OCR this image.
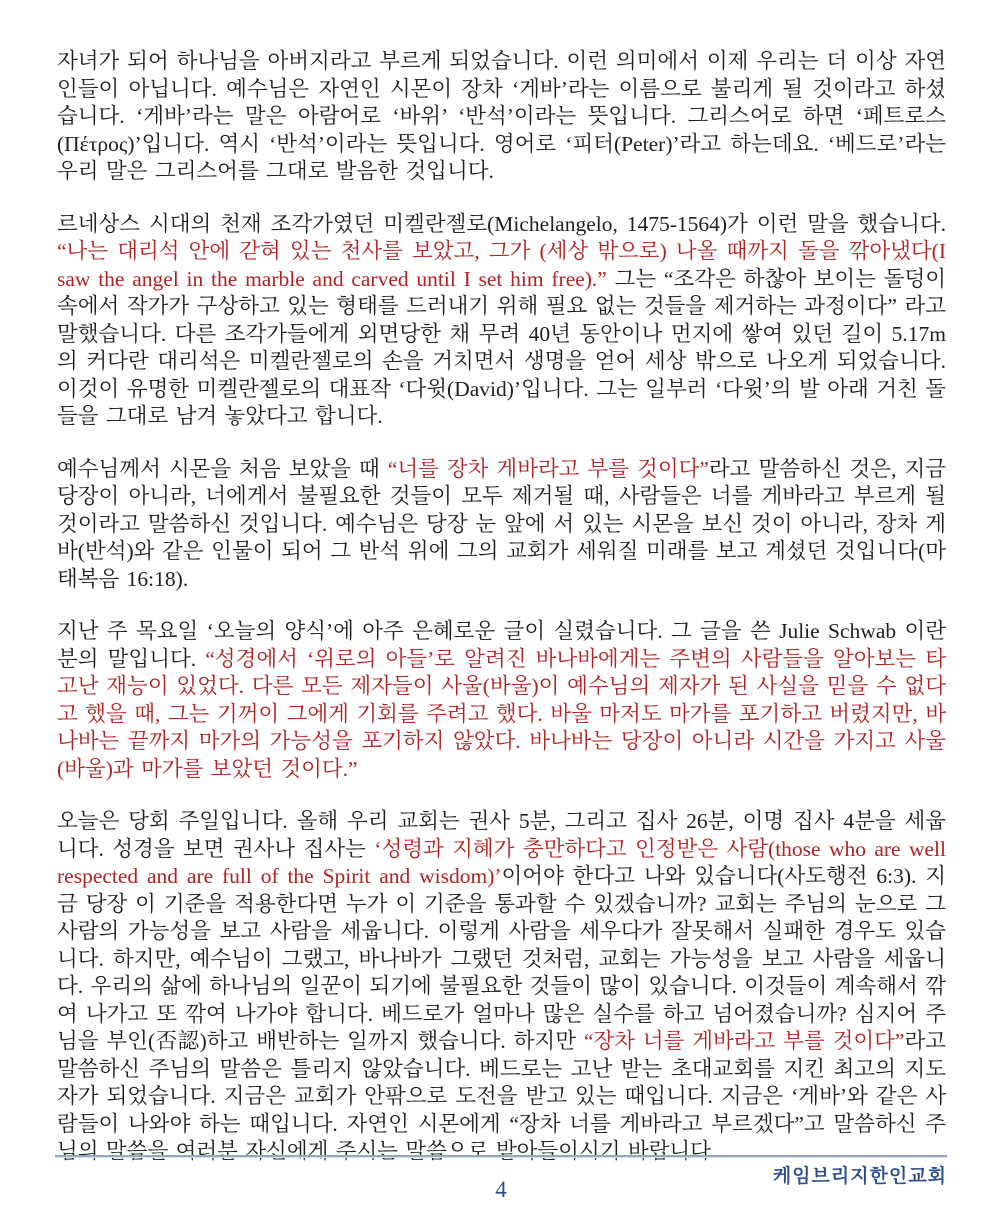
자녀가 되어 하나님을 아버지라고 부르게 되었습니다. 이런 의미에서 이제 우리는 더 이상 자연인들이 아닙니다. 예수님은 자연인 시몬이 장차 ‘게바’라는 이름으로 불리게 될 것이라고 하셨습니다. ‘게바’라는 말은 아람어로 ‘바위’ ‘반석’이라는 뜻입니다. 그리스어로 하면 ‘페트로스(Πέτρος)’입니다. 역시 ‘반석’이라는 뜻입니다. 영어로 ‘피터(Peter)’라고 하는데요. ‘베드로’라는 우리 말은 그리스어를 그대로 발음한 것입니다.

르네상스 시대의 천재 조각가였던 미켈란젤로(Michelangelo, 1475-1564)가 이런 말을 했습니다. “나는 대리석 안에 갇혀 있는 천사를 보았고, 그가 (세상 밖으로) 나올 때까지 돌을 깎아냈다(I saw the angel in the marble and carved until I set him free).” 그는 “조각은 하찮아 보이는 돌덩이 속에서 작가가 구상하고 있는 형태를 드러내기 위해 필요 없는 것들을 제거하는 과정이다” 라고 말했습니다. 다른 조각가들에게 외면당한 채 무려 40년 동안이나 먼지에 쌓여 있던 길이 5.17m의 커다란 대리석은 미켈란젤로의 손을 거치면서 생명을 얻어 세상 밖으로 나오게 되었습니다. 이것이 유명한 미켈란젤로의 대표작 ‘다윗(David)’입니다. 그는 일부러 ‘다윗’의 발 아래 거친 돌들을 그대로 남겨 놓았다고 합니다.

예수님께서 시몬을 처음 보았을 때 “너를 장차 게바라고 부를 것이다”라고 말씀하신 것은, 지금 당장이 아니라, 너에게서 불필요한 것들이 모두 제거될 때, 사람들은 너를 게바라고 부르게 될 것이라고 말씀하신 것입니다. 예수님은 당장 눈 앞에 서 있는 시몬을 보신 것이 아니라, 장차 게바(반석)와 같은 인물이 되어 그 반석 위에 그의 교회가 세워질 미래를 보고 계셨던 것입니다(마태복음 16:18).

지난 주 목요일 ‘오늘의 양식’에 아주 은혜로운 글이 실렸습니다. 그 글을 쓴 Julie Schwab 이란 분의 말입니다. “성경에서 ‘위로의 아들’로 알려진 바나바에게는 주변의 사람들을 알아보는 타고난 재능이 있었다. 다른 모든 제자들이 사울(바울)이 예수님의 제자가 된 사실을 믿을 수 없다고 했을 때, 그는 기꺼이 그에게 기회를 주려고 했다. 바울 마저도 마가를 포기하고 버렸지만, 바나바는 끝까지 마가의 가능성을 포기하지 않았다. 바나바는 당장이 아니라 시간을 가지고 사울(바울)과 마가를 보았던 것이다.”

오늘은 당회 주일입니다. 올해 우리 교회는 권사 5분, 그리고 집사 26분, 이명 집사 4분을 세웁니다. 성경을 보면 권사나 집사는 ‘성령과 지혜가 충만하다고 인정받은 사람(those who are well respected and are full of the Spirit and wisdom)’이어야 한다고 나와 있습니다(사도행전 6:3). 지금 당장 이 기준을 적용한다면 누가 이 기준을 통과할 수 있겠습니까? 교회는 주님의 눈으로 그 사람의 가능성을 보고 사람을 세웁니다. 이렇게 사람을 세우다가 잘못해서 실패한 경우도 있습니다. 하지만, 예수님이 그랬고, 바나바가 그랬던 것처럼, 교회는 가능성을 보고 사람을 세웁니다. 우리의 삶에 하나님의 일꾼이 되기에 불필요한 것들이 많이 있습니다. 이것들이 계속해서 깎여 나가고 또 깎여 나가야 합니다. 베드로가 얼마나 많은 실수를 하고 넘어졌습니까? 심지어 주님을 부인(否認)하고 배반하는 일까지 했습니다. 하지만 “장차 너를 게바라고 부를 것이다”라고 말씀하신 주님의 말씀은 틀리지 않았습니다. 베드로는 고난 받는 초대교회를 지킨 최고의 지도자가 되었습니다. 지금은 교회가 안팎으로 도전을 받고 있는 때입니다. 지금은 ‘게바’와 같은 사람들이 나와야 하는 때입니다. 자연인 시몬에게 “장차 너를 게바라고 부르겠다”고 말씀하신 주님의 말씀을 여러분 자신에게 주시는 말씀으로 받아들이시기 바랍니다.

케임브리지한인교회
4
